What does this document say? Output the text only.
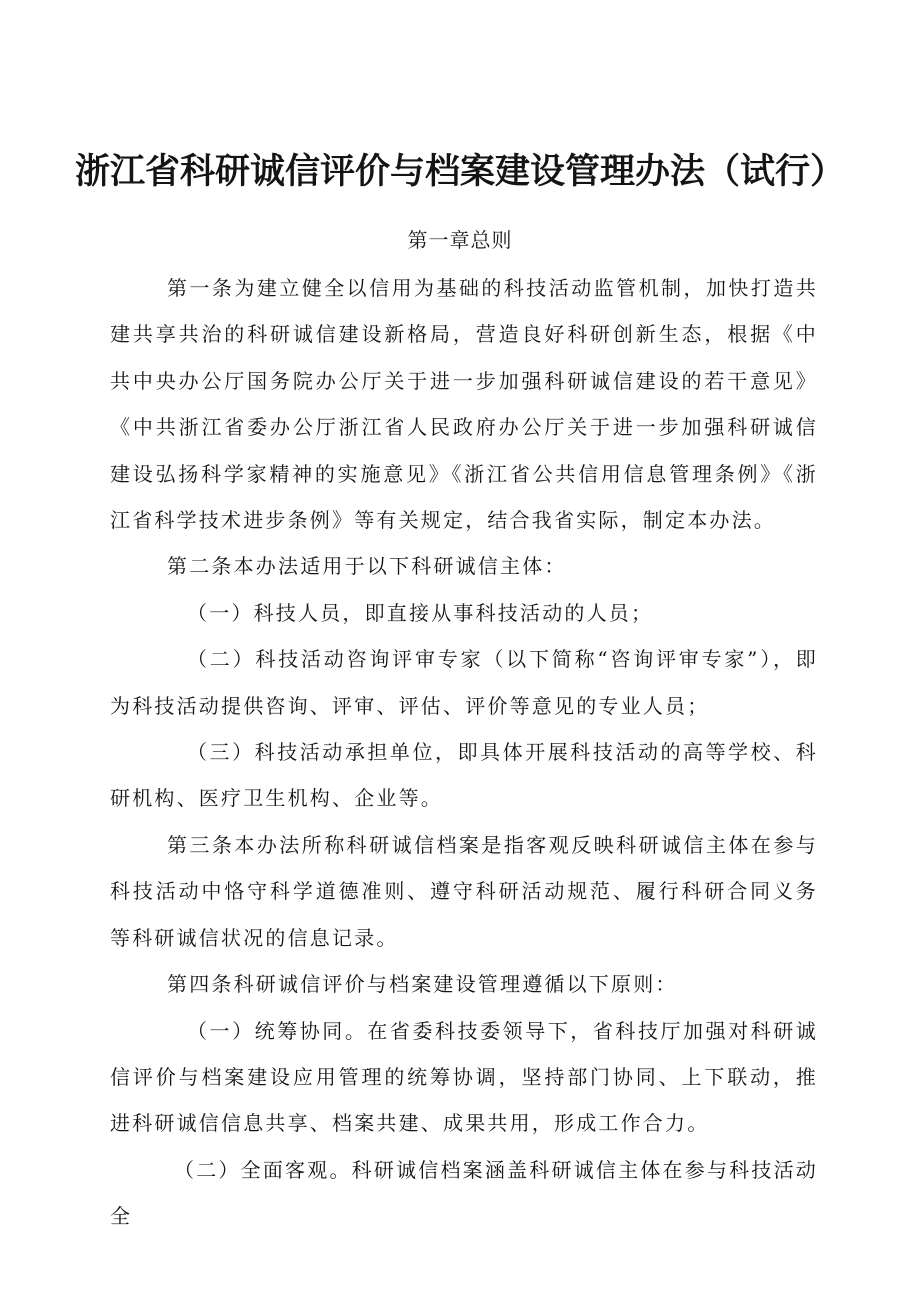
浙江省科研诚信评价与档案建设管理办法（试行）
第一章总则

第一条为建立健全以信用为基础的科技活动监管机制，加快打造共建共享共治的科研诚信建设新格局，营造良好科研创新生态，根据《中共中央办公厅国务院办公厅关于进一步加强科研诚信建设的若干意见》《中共浙江省委办公厅浙江省人民政府办公厅关于进一步加强科研诚信建设弘扬科学家精神的实施意见》《浙江省公共信用信息管理条例》《浙江省科学技术进步条例》等有关规定，结合我省实际，制定本办法。

第二条本办法适用于以下科研诚信主体：

（一）科技人员，即直接从事科技活动的人员；

（二）科技活动咨询评审专家（以下简称“咨询评审专家”），即为科技活动提供咨询、评审、评估、评价等意见的专业人员；

（三）科技活动承担单位，即具体开展科技活动的高等学校、科研机构、医疗卫生机构、企业等。

第三条本办法所称科研诚信档案是指客观反映科研诚信主体在参与科技活动中恪守科学道德准则、遵守科研活动规范、履行科研合同义务等科研诚信状况的信息记录。

第四条科研诚信评价与档案建设管理遵循以下原则：

（一）统筹协同。在省委科技委领导下，省科技厅加强对科研诚信评价与档案建设应用管理的统筹协调，坚持部门协同、上下联动，推进科研诚信信息共享、档案共建、成果共用，形成工作合力。

（二）全面客观。科研诚信档案涵盖科研诚信主体在参与科技活动全
